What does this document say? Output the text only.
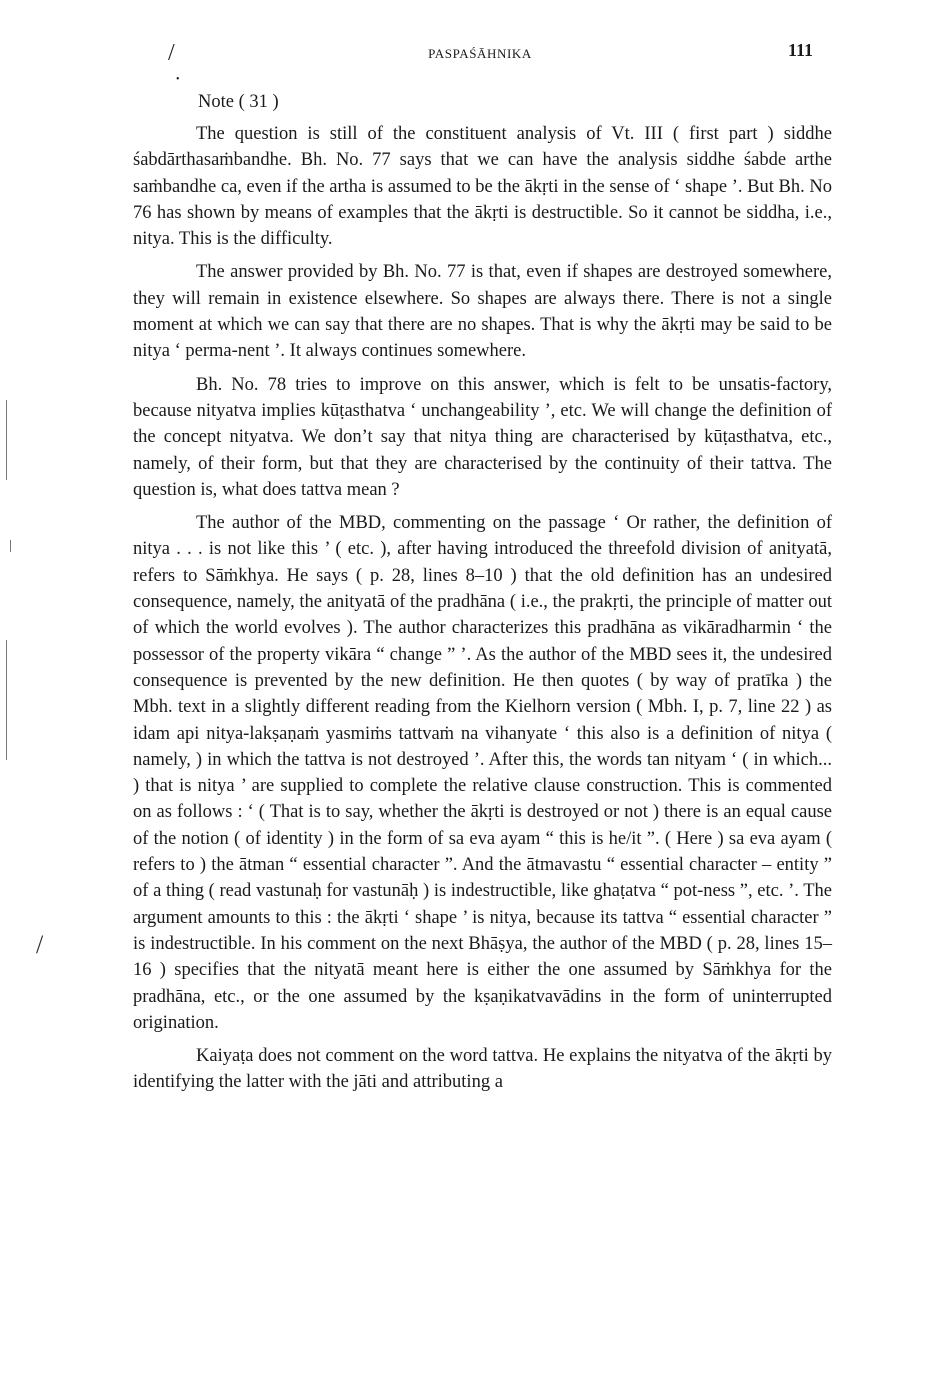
/	PASPAŚĀHNIKA	111
•
Note ( 31 )

The question is still of the constituent analysis of Vt. III ( first part ) siddhe śabdārthasaṁbandhe. Bh. No. 77 says that we can have the analysis siddhe śabde arthe saṁbandhe ca, even if the artha is assumed to be the ākṛti in the sense of ‘ shape ’. But Bh. No 76 has shown by means of examples that the ākṛti is destructible. So it cannot be siddha, i.e., nitya. This is the difficulty.

The answer provided by Bh. No. 77 is that, even if shapes are destroyed somewhere, they will remain in existence elsewhere. So shapes are always there. There is not a single moment at which we can say that there are no shapes. That is why the ākṛti may be said to be nitya ‘ perma-nent ’. It always continues somewhere.

Bh. No. 78 tries to improve on this answer, which is felt to be unsatis-factory, because nityatva implies kūṭasthatva ‘ unchangeability ’, etc. We will change the definition of the concept nityatva. We don’t say that nitya thing are characterised by kūṭasthatva, etc., namely, of their form, but that they are characterised by the continuity of their tattva. The question is, what does tattva mean ?

The author of the MBD, commenting on the passage ‘ Or rather, the definition of nitya . . . is not like this ’ ( etc. ), after having introduced the threefold division of anityatā, refers to Sāṁkhya. He says ( p. 28, lines 8–10 ) that the old definition has an undesired consequence, namely, the anityatā of the pradhāna ( i.e., the prakṛti, the principle of matter out of which the world evolves ). The author characterizes this pradhāna as vikāradharmin ‘ the possessor of the property vikāra “ change ” ’. As the author of the MBD sees it, the undesired consequence is prevented by the new definition. He then quotes ( by way of pratīka ) the Mbh. text in a slightly different reading from the Kielhorn version ( Mbh. I, p. 7, line 22 ) as idam api nitya-lakṣaṇaṁ yasmiṁs tattvaṁ na vihanyate ‘ this also is a definition of nitya ( namely, ) in which the tattva is not destroyed ’. After this, the words tan nityam ‘ ( in which... ) that is nitya ’ are supplied to complete the relative clause construction. This is commented on as follows : ‘ ( That is to say, whether the ākṛti is destroyed or not ) there is an equal cause of the notion ( of identity ) in the form of sa eva ayam “ this is he/it ”. ( Here ) sa eva ayam ( refers to ) the ātman “ essential character ”. And the ātmavastu “ essential character – entity ” of a thing ( read vastunaḥ for vastunāḥ ) is indestructible, like ghaṭatva “ pot-ness ”, etc. ’. The argument amounts to this : the ākṛti ‘ shape ’ is nitya, because its tattva “ essential character ” is indestructible. In his comment on the next Bhāṣya, the author of the MBD ( p. 28, lines 15–16 ) specifies that the nityatā meant here is either the one assumed by Sāṁkhya for the pradhāna, etc., or the one assumed by the kṣaṇikatvavādins in the form of uninterrupted origination.

Kaiyaṭa does not comment on the word tattva. He explains the nityatva of the ākṛti by identifying the latter with the jāti and attributing a

/
